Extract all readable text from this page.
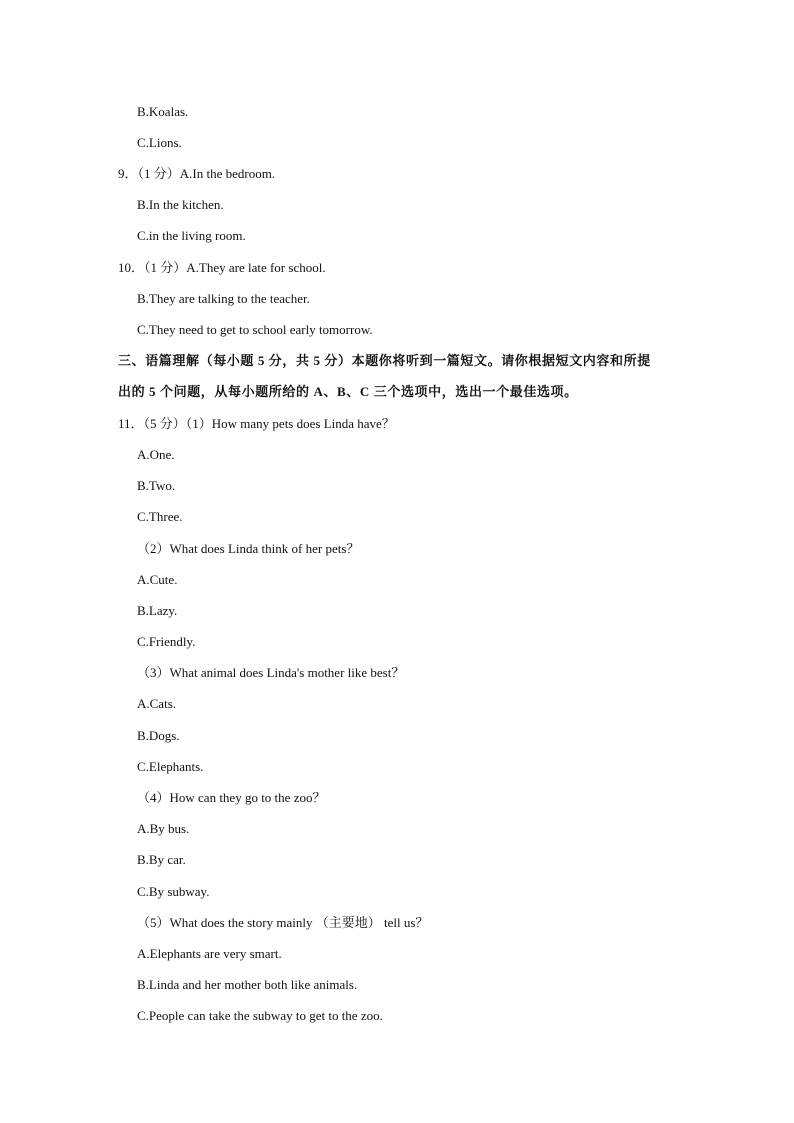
B.Koalas.
C.Lions.
9．（1 分）A.In the bedroom.
B.In the kitchen.
C.in the living room.
10．（1 分）A.They are late for school.
B.They are talking to the teacher.
C.They need to get to school early tomorrow.
三、语篇理解（每小题 5 分，共 5 分）本题你将听到一篇短文。请你根据短文内容和所提
出的 5 个问题，从每小题所给的 A、B、C 三个选项中，选出一个最佳选项。
11．（5 分）（1）How many pets does Linda have？
A.One.
B.Two.
C.Three.
（2）What does Linda think of her pets？
A.Cute.
B.Lazy.
C.Friendly.
（3）What animal does Linda's mother like best？
A.Cats.
B.Dogs.
C.Elephants.
（4）How can they go to the zoo？
A.By bus.
B.By car.
C.By subway.
（5）What does the story mainly （主要地） tell us？
A.Elephants are very smart.
B.Linda and her mother both like animals.
C.People can take the subway to get to the zoo.
